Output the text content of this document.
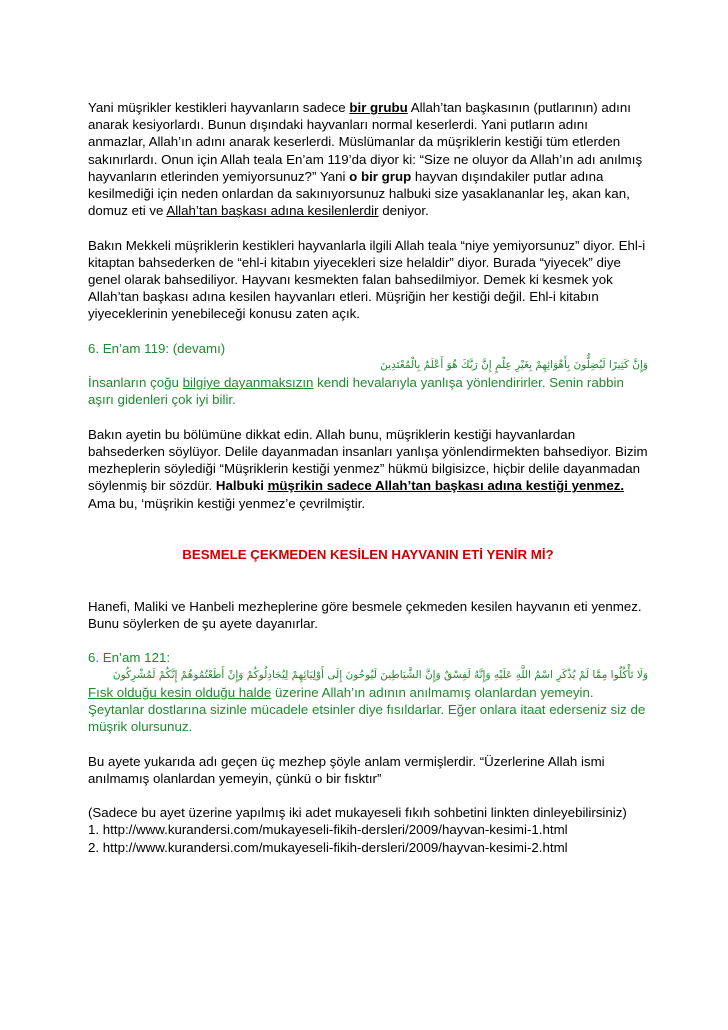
Yani müşrikler kestikleri hayvanların sadece bir grubu Allah’tan başkasının (putlarının) adını anarak kesiyorlardı. Bunun dışındaki hayvanları normal keserlerdi. Yani putların adını anmazlar, Allah’ın adını anarak keserlerdi. Müslümanlar da müşriklerin kestiği tüm etlerden sakınırlardı. Onun için Allah teala En’am 119’da diyor ki: “Size ne oluyor da Allah’ın adı anılmış hayvanların etlerinden yemiyorsunuz?” Yani o bir grup hayvan dışındakiler putlar adına kesilmediği için neden onlardan da sakınıyorsunuz halbuki size yasaklananlar leş, akan kan, domuz eti ve Allah’tan başkası adına kesilenlerdir deniyor.

Bakın Mekkeli müşriklerin kestikleri hayvanlarla ilgili Allah teala “niye yemiyorsunuz” diyor. Ehl-i kitaptan bahsederken de “ehl-i kitabın yiyecekleri size helaldir” diyor. Burada “yiyecek” diye genel olarak bahsediliyor. Hayvanı kesmekten falan bahsedilmiyor. Demek ki kesmek yok Allah’tan başkası adına kesilen hayvanları etleri. Müşriğin her kestiği değil. Ehl-i kitabın yiyeceklerinin yenebileceği konusu zaten açık.

6. En’am 119: (devamı)

وَإِنَّ كَثِيرًا لَيُضِلُّونَ بِأَهْوَائِهِمْ بِغَيْرِ عِلْمٍ إِنَّ رَبَّكَ هُوَ أَعْلَمُ بِالْمُعْتَدِينَ

İnsanların çoğu bilgiye dayanmaksızın kendi hevalarıyla yanlışa yönlendirirler. Senin rabbin aşırı gidenleri çok iyi bilir.

Bakın ayetin bu bölümüne dikkat edin. Allah bunu, müşriklerin kestiği hayvanlardan bahsederken söylüyor. Delile dayanmadan insanları yanlışa yönlendirmekten bahsediyor. Bizim mezheplerin söylediği “Müşriklerin kestiği yenmez” hükmü bilgisizce, hiçbir delile dayanmadan söylenmiş bir sözdür. Halbuki müşrikin sadece Allah’tan başkası adına kestiği yenmez. Ama bu, ‘müşrikin kestiği yenmez’e çevrilmiştir.

BESMELE ÇEKMEDEN KESİLEN HAYVANIN ETİ YENİR Mİ?

Hanefi, Maliki ve Hanbeli mezheplerine göre besmele çekmeden kesilen hayvanın eti yenmez. Bunu söylerken de şu ayete dayanırlar.

6. En’am 121:

وَلَا تَأْكُلُوا مِمَّا لَمْ يُذْكَرِ اسْمُ اللَّهِ عَلَيْهِ وَإِنَّهُ لَفِسْقٌ وَإِنَّ الشَّيَاطِينَ لَيُوحُونَ إِلَى أَوْلِيَائِهِمْ لِيُجَادِلُوكُمْ وَإِنْ أَطَعْتُمُوهُمْ إِنَّكُمْ لَمُشْرِكُونَ

Fısk olduğu kesin olduğu halde üzerine Allah’ın adının anılmamış olanlardan yemeyin. Şeytanlar dostlarına sizinle mücadele etsinler diye fısıldarlar. Eğer onlara itaat ederseniz siz de müşrik olursunuz.

Bu ayete yukarıda adı geçen üç mezhep şöyle anlam vermişlerdir. “Üzerlerine Allah ismi anılmamış olanlardan yemeyin, çünkü o bir fısktır”

(Sadece bu ayet üzerine yapılmış iki adet mukayeseli fıkıh sohbetini linkten dinleyebilirsiniz)

1. http://www.kurandersi.com/mukayeseli-fikih-dersleri/2009/hayvan-kesimi-1.html

2. http://www.kurandersi.com/mukayeseli-fikih-dersleri/2009/hayvan-kesimi-2.html
